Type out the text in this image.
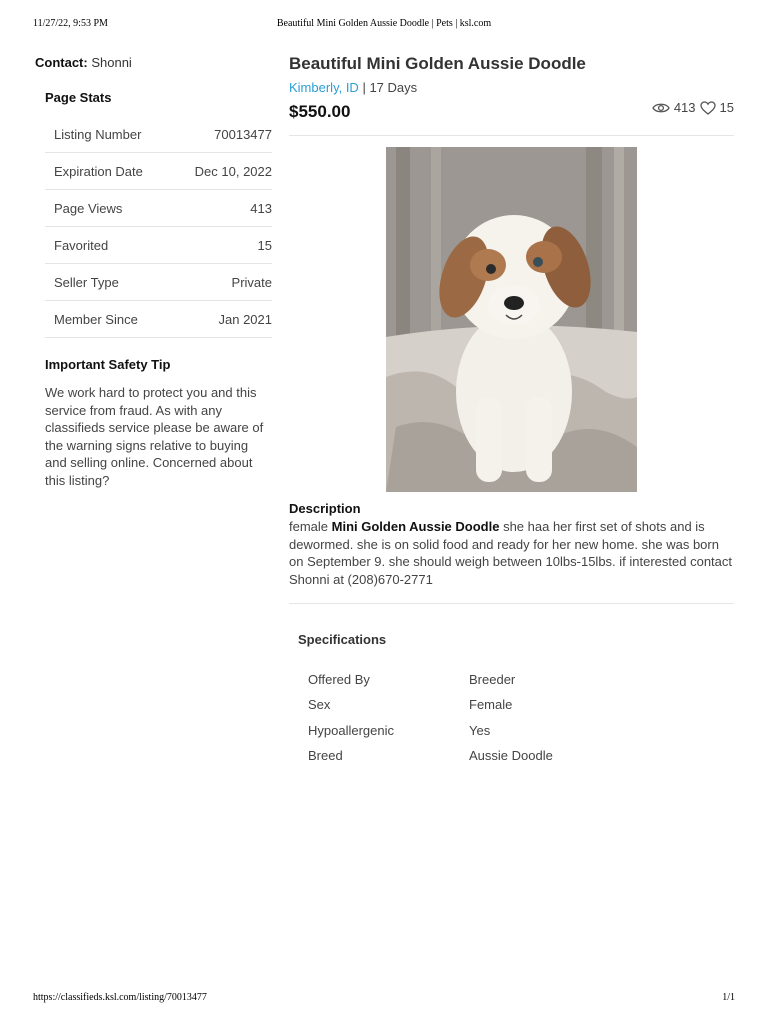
11/27/22, 9:53 PM	Beautiful Mini Golden Aussie Doodle | Pets | ksl.com

Contact: Shonni

Page Stats
Listing Number	70013477
Expiration Date	Dec 10, 2022
Page Views	413
Favorited	15
Seller Type	Private
Member Since	Jan 2021
Important Safety Tip
We work hard to protect you and this service from fraud. As with any classifieds service please be aware of the warning signs relative to buying and selling online. Concerned about this listing?
Beautiful Mini Golden Aussie Doodle
Kimberly, ID | 17 Days
$550.00	413 15
Description
female Mini Golden Aussie Doodle she haa her first set of shots and is dewormed. she is on solid food and ready for her new home. she was born on September 9. she should weigh between 10lbs-15lbs. if interested contact Shonni at (208)670-2771
Specifications
Offered By	Breeder
Sex	Female
Hypoallergenic	Yes
Breed	Aussie Doodle
https://classifieds.ksl.com/listing/70013477	1/1
